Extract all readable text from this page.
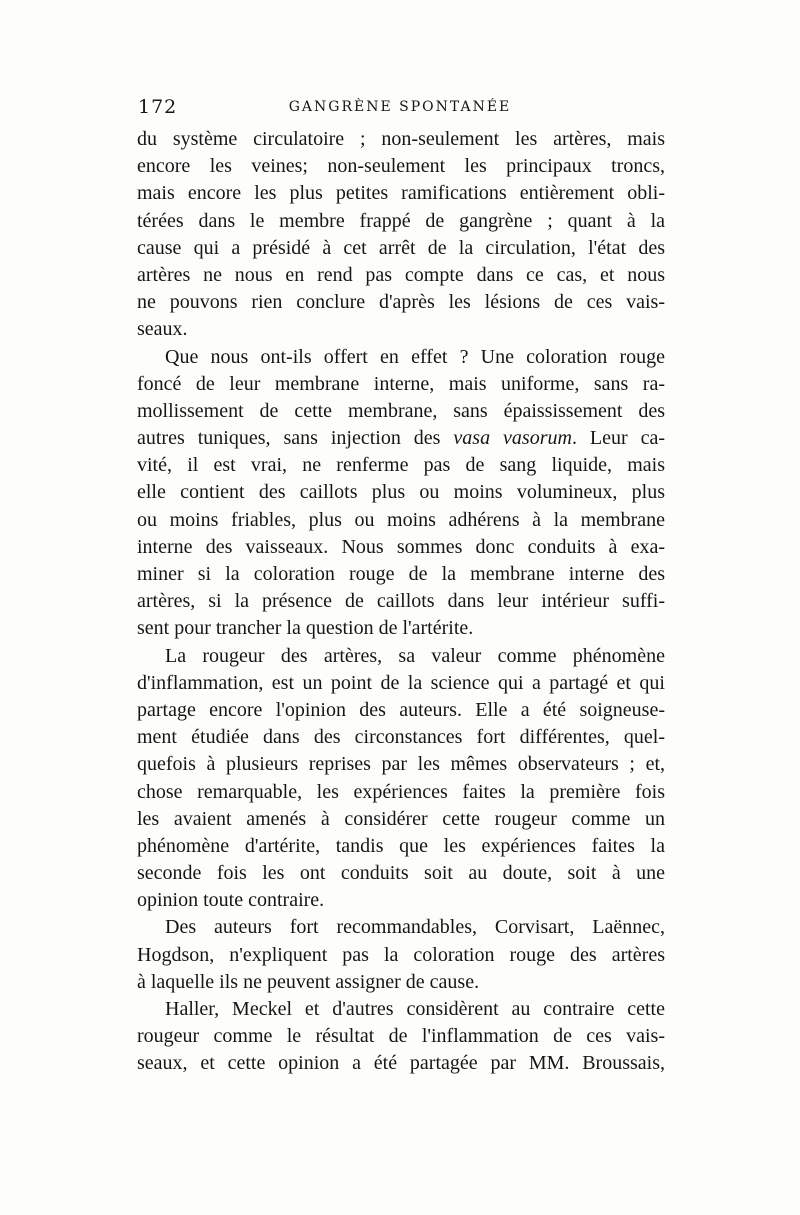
172	GANGRÈNE SPONTANÉE
du système circulatoire ; non-seulement les artères, mais
encore les veines; non-seulement les principaux troncs,
mais encore les plus petites ramifications entièrement obli-
térées dans le membre frappé de gangrène ; quant à la
cause qui a présidé à cet arrêt de la circulation, l'état des
artères ne nous en rend pas compte dans ce cas, et nous
ne pouvons rien conclure d'après les lésions de ces vais-
seaux.
Que nous ont-ils offert en effet ? Une coloration rouge
foncé de leur membrane interne, mais uniforme, sans ra-
mollissement de cette membrane, sans épaississement des
autres tuniques, sans injection des vasa vasorum. Leur ca-
vité, il est vrai, ne renferme pas de sang liquide, mais
elle contient des caillots plus ou moins volumineux, plus
ou moins friables, plus ou moins adhérens à la membrane
interne des vaisseaux. Nous sommes donc conduits à exa-
miner si la coloration rouge de la membrane interne des
artères, si la présence de caillots dans leur intérieur suffi-
sent pour trancher la question de l'artérite.
La rougeur des artères, sa valeur comme phénomène
d'inflammation, est un point de la science qui a partagé et qui
partage encore l'opinion des auteurs. Elle a été soigneuse-
ment étudiée dans des circonstances fort différentes, quel-
quefois à plusieurs reprises par les mêmes observateurs ; et,
chose remarquable, les expériences faites la première fois
les avaient amenés à considérer cette rougeur comme un
phénomène d'artérite, tandis que les expériences faites la
seconde fois les ont conduits soit au doute, soit à une
opinion toute contraire.
Des auteurs fort recommandables, Corvisart, Laënnec,
Hogdson, n'expliquent pas la coloration rouge des artères
à laquelle ils ne peuvent assigner de cause.
Haller, Meckel et d'autres considèrent au contraire cette
rougeur comme le résultat de l'inflammation de ces vais-
seaux, et cette opinion a été partagée par MM. Broussais,
